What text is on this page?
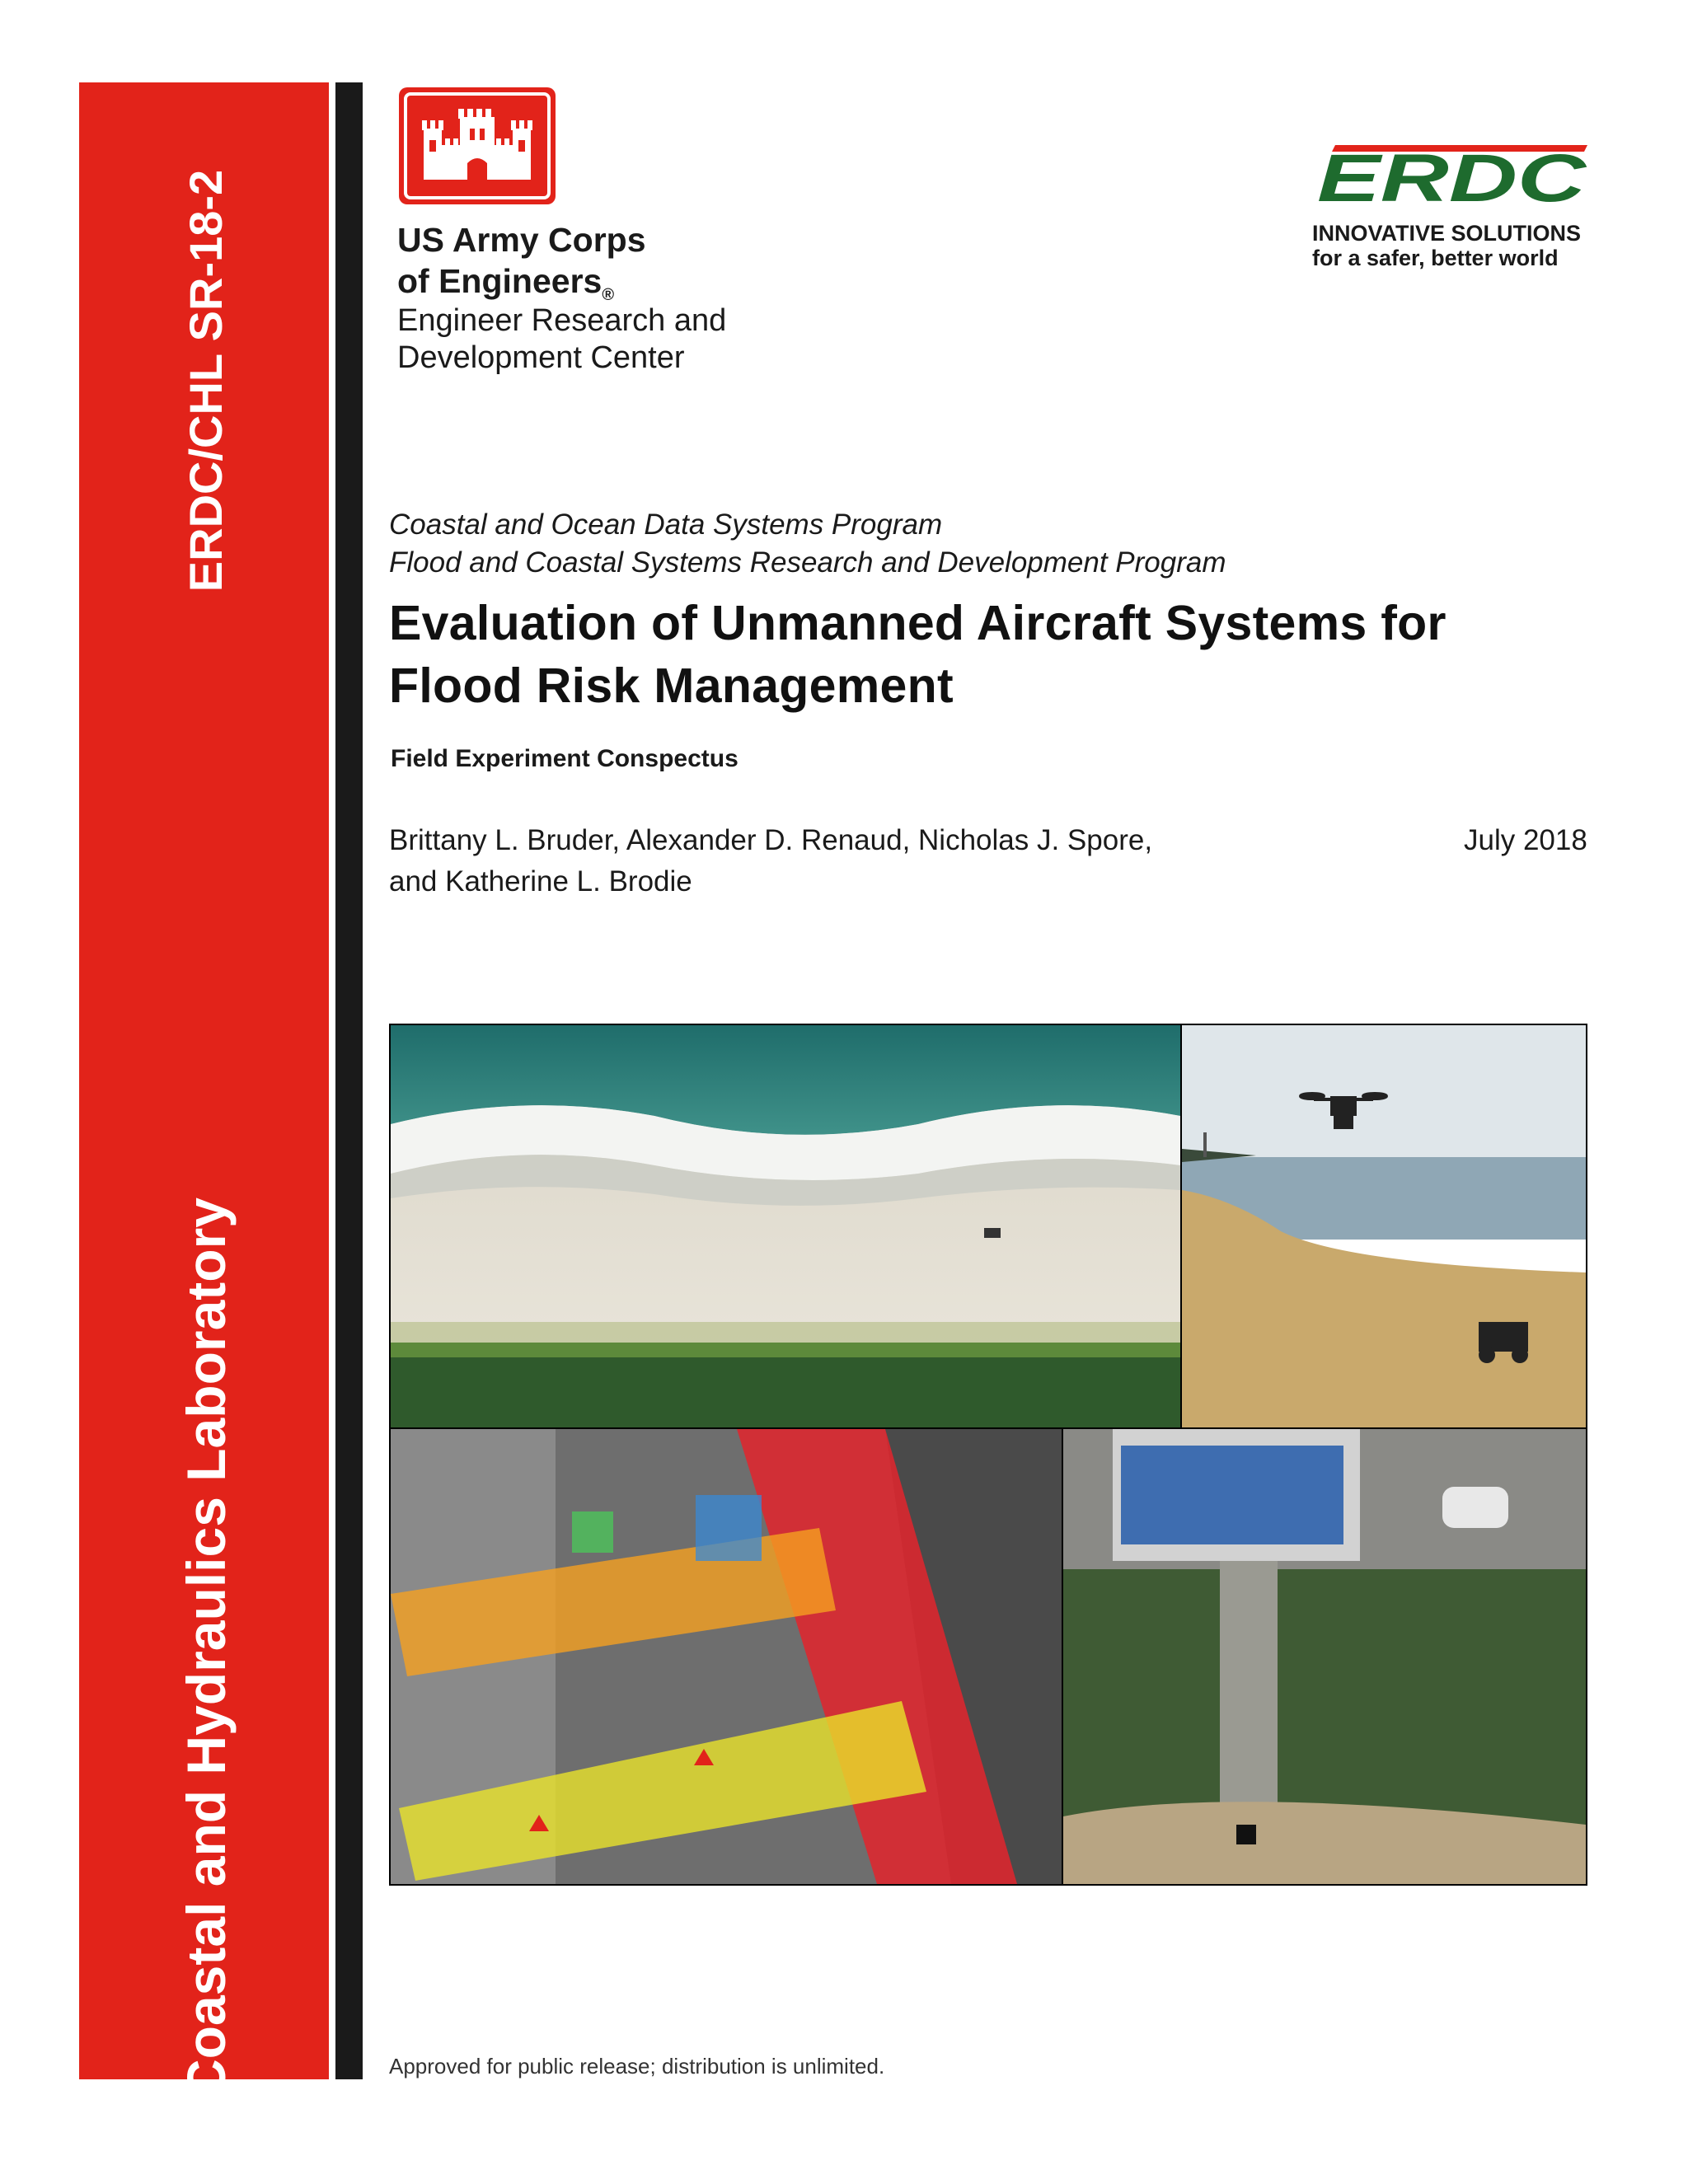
ERDC/CHL SR-18-2
Coastal and Hydraulics Laboratory
US Army Corps
of Engineers$_®$
Engineer Research and
Development Center
ERDC
INNOVATIVE SOLUTIONS
for a safer, better world
Coastal and Ocean Data Systems Program
Flood and Coastal Systems Research and Development Program
Evaluation of Unmanned Aircraft Systems for
Flood Risk Management
Field Experiment Conspectus
Brittany L. Bruder, Alexander D. Renaud, Nicholas J. Spore,
and Katherine L. Brodie
July 2018
Approved for public release; distribution is unlimited.
